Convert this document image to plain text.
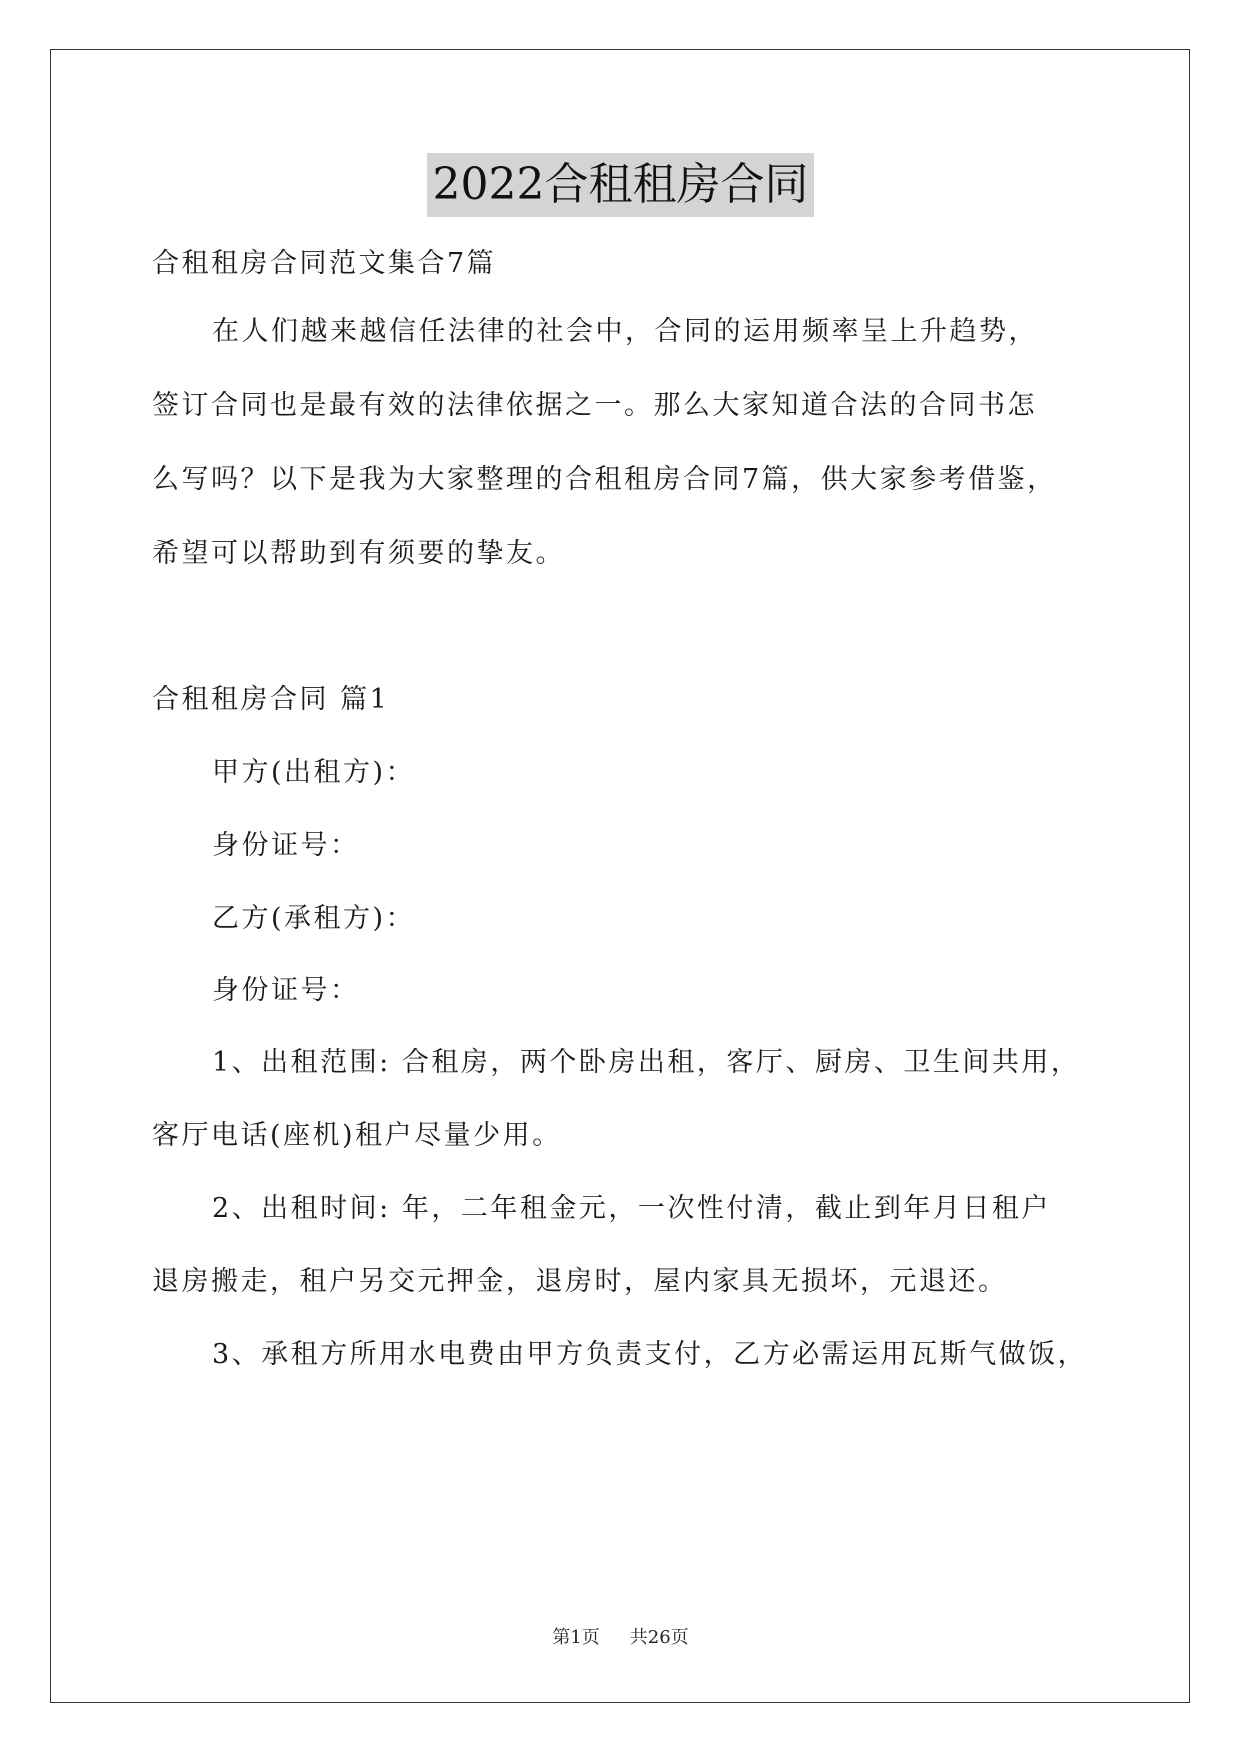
2022合租租房合同
合租租房合同范文集合7篇
在人们越来越信任法律的社会中，合同的运用频率呈上升趋势，
签订合同也是最有效的法律依据之一。那么大家知道合法的合同书怎
么写吗？以下是我为大家整理的合租租房合同7篇，供大家参考借鉴，
希望可以帮助到有须要的挚友。
合租租房合同 篇1
甲方(出租方)：
身份证号：
乙方(承租方)：
身份证号：
1、出租范围: 合租房，两个卧房出租，客厅、厨房、卫生间共用，
客厅电话(座机)租户尽量少用。
2、出租时间: 年，二年租金元，一次性付清，截止到年月日租户
退房搬走，租户另交元押金，退房时，屋内家具无损坏，元退还。
3、承租方所用水电费由甲方负责支付，乙方必需运用瓦斯气做饭，
第1页 共26页
